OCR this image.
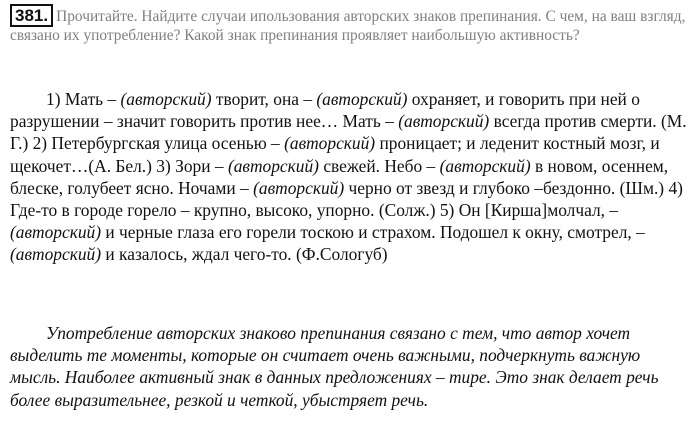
381. Прочитайте. Найдите случаи ипользования авторских знаков препинания. С чем, на ваш взгляд, связано их употребление? Какой знак препинания проявляет наибольшую активность?
1) Мать – (авторский) творит, она – (авторский) охраняет, и говорить при ней о разрушении – значит говорить против нее… Мать – (авторский) всегда против смерти. (М. Г.) 2) Петербургская улица осенью – (авторский) проницает; и леденит костный мозг, и щекочет…(А. Бел.) 3) Зори – (авторский) свежей. Небо – (авторский) в новом, осеннем, блеске, голубеет ясно. Ночами – (авторский) черно от звезд и глубоко –бездонно. (Шм.) 4) Где-то в городе горело – крупно, высоко, упорно. (Солж.) 5) Он [Кирша]молчал, – (авторский) и черные глаза его горели тоскою и страхом. Подошел к окну, смотрел, – (авторский) и казалось, ждал чего-то. (Ф.Сологуб)
Употребление авторских знаково препинания связано с тем, что автор хочет выделить те моменты, которые он считает очень важными, подчеркнуть важную мысль. Наиболее активный знак в данных предложениях – тире. Это знак делает речь более выразительнее, резкой и четкой, убыстряет речь.
